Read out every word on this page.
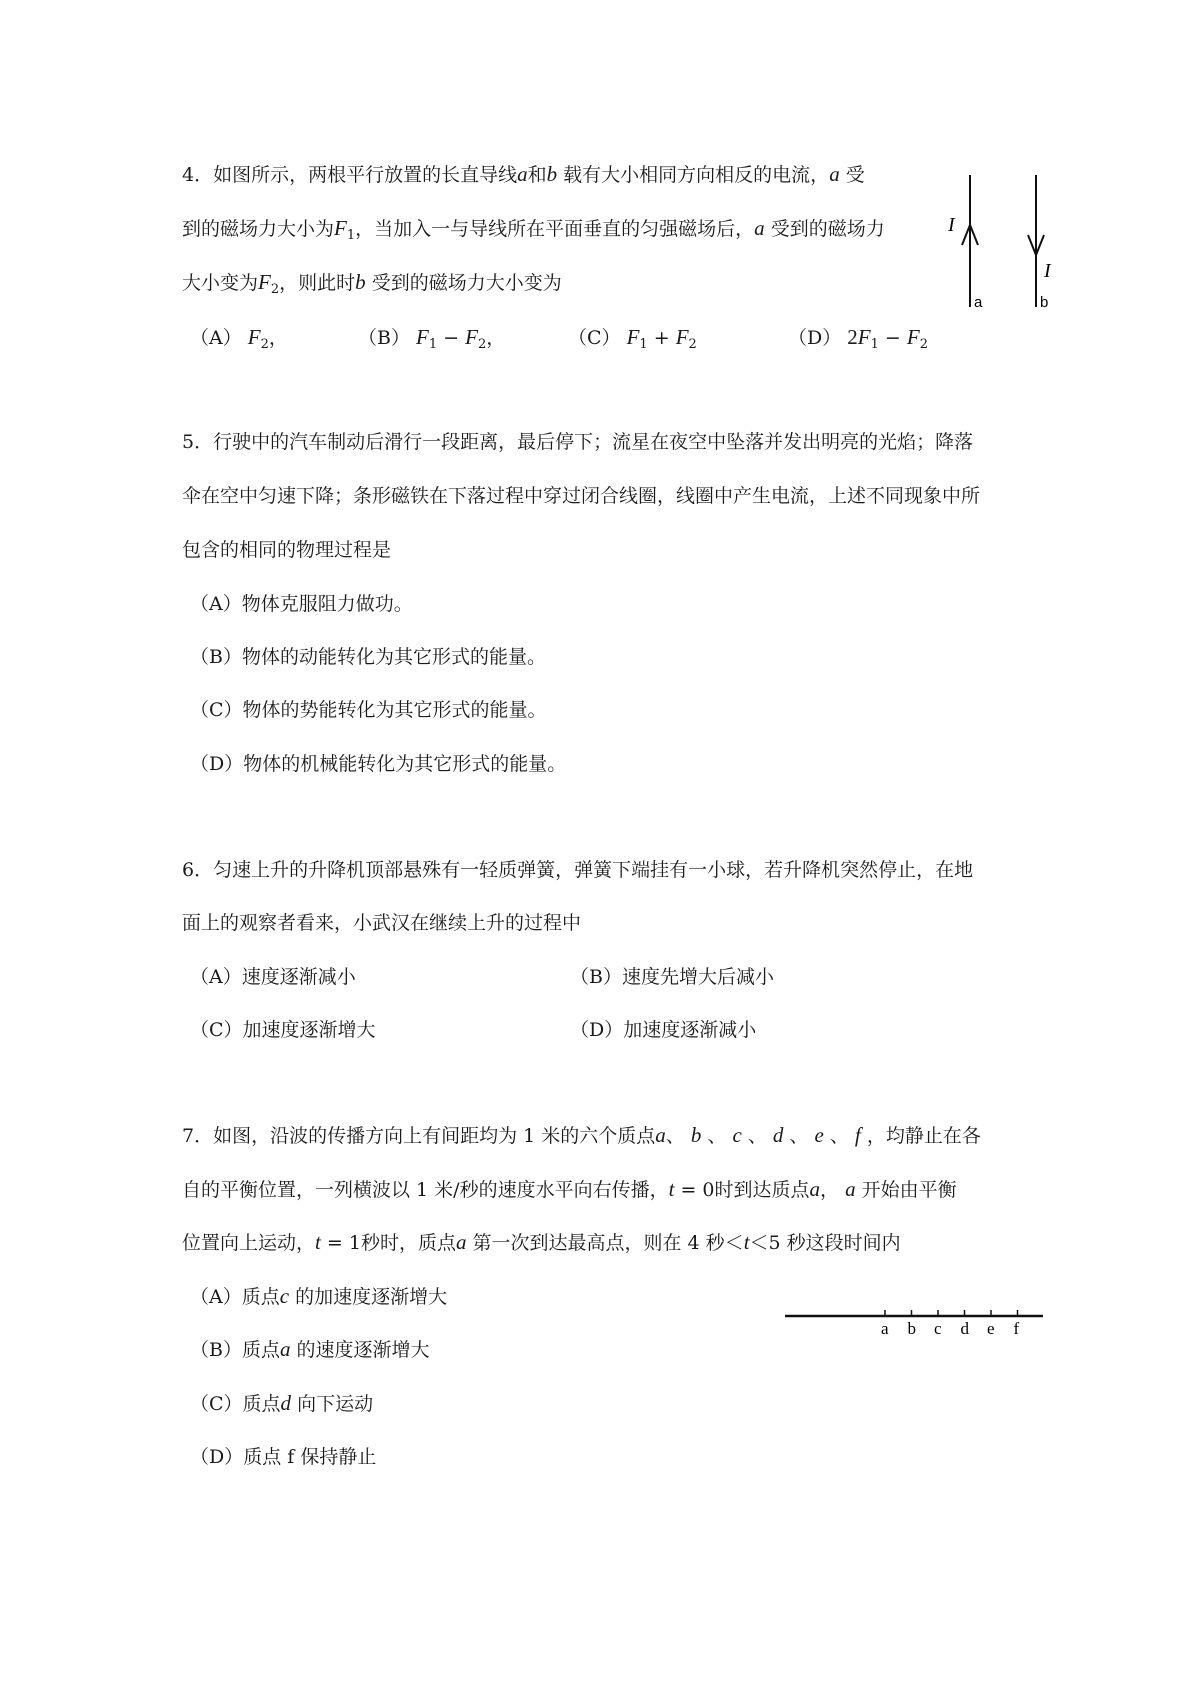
4．如图所示，两根平行放置的长直导线a和b 载有大小相同方向相反的电流，a 受
到的磁场力大小为$F_1$，当加入一与导线所在平面垂直的匀强磁场后，a 受到的磁场力
大小变为$F_2$，则此时b 受到的磁场力大小变为
（A） $F_2$，	（B） $F_1 - F_2$，	（C） $F_1 + F_2$	（D） $2F_1 - F_2$
I
a
I
b
5．行驶中的汽车制动后滑行一段距离，最后停下；流星在夜空中坠落并发出明亮的光焰；降落
伞在空中匀速下降；条形磁铁在下落过程中穿过闭合线圈，线圈中产生电流，上述不同现象中所
包含的相同的物理过程是
（A）物体克服阻力做功。
（B）物体的动能转化为其它形式的能量。
（C）物体的势能转化为其它形式的能量。
（D）物体的机械能转化为其它形式的能量。
6．匀速上升的升降机顶部悬殊有一轻质弹簧，弹簧下端挂有一小球，若升降机突然停止，在地
面上的观察者看来，小武汉在继续上升的过程中
（A）速度逐渐减小	（B）速度先增大后减小
（C）加速度逐渐增大	（D）加速度逐渐减小
7．如图，沿波的传播方向上有间距均为 1 米的六个质点a、 b 、 c 、 d 、 e 、 f ，均静止在各
自的平衡位置，一列横波以 1 米/秒的速度水平向右传播，t = 0时到达质点a， a 开始由平衡
位置向上运动，t = 1秒时，质点a 第一次到达最高点，则在 4 秒＜t＜5 秒这段时间内
（A）质点c 的加速度逐渐增大
（B）质点a 的速度逐渐增大
（C）质点d 向下运动
（D）质点 f 保持静止
a b c d e f
